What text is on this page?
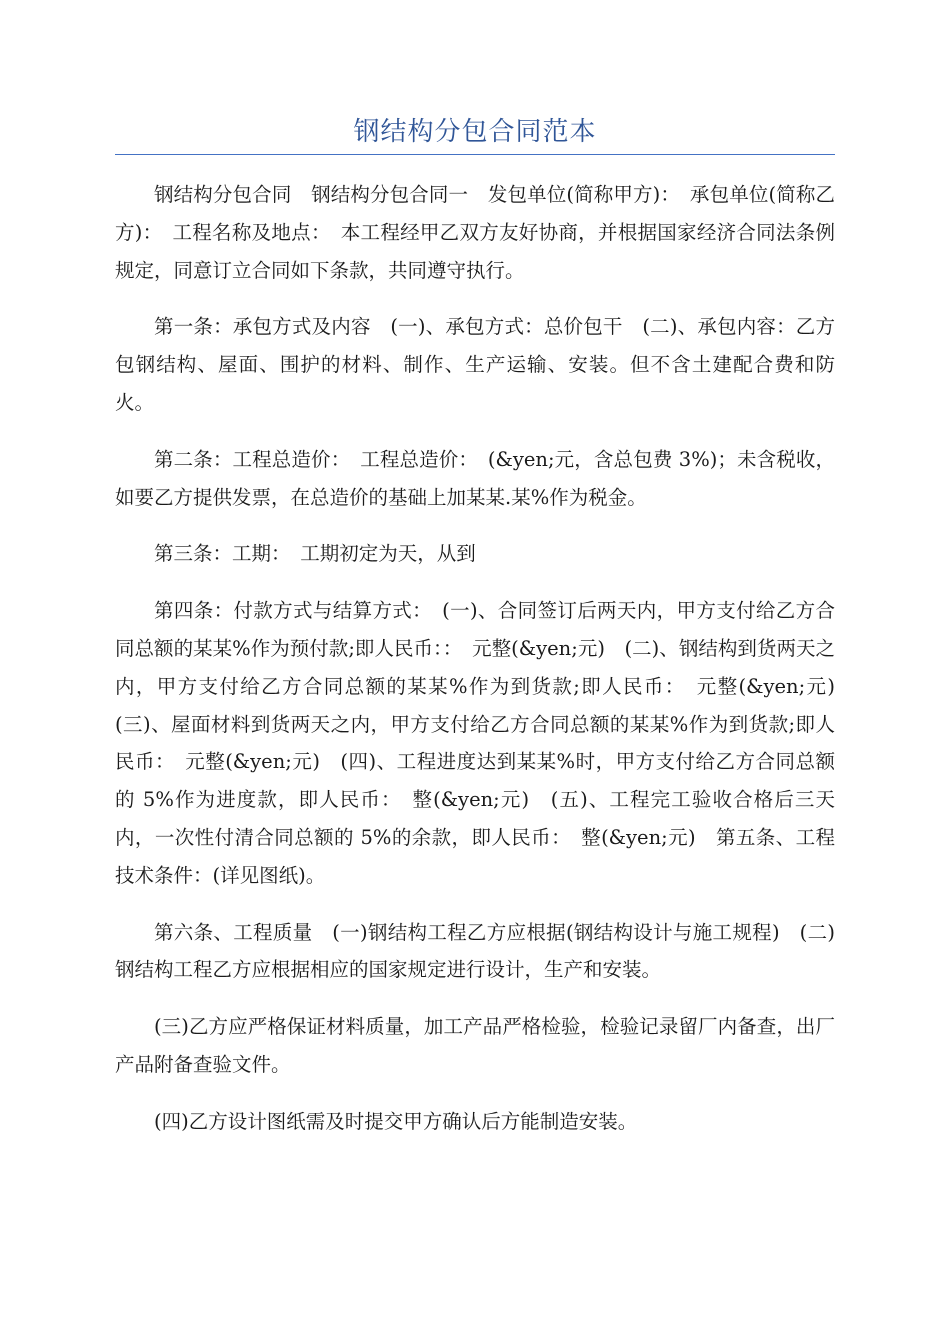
钢结构分包合同范本

钢结构分包合同　钢结构分包合同一　发包单位(简称甲方)：　承包单位(简称乙方)：　工程名称及地点：　本工程经甲乙双方友好协商，并根据国家经济合同法条例规定，同意订立合同如下条款，共同遵守执行。

第一条：承包方式及内容　(一)、承包方式：总价包干　(二)、承包内容：乙方包钢结构、屋面、围护的材料、制作、生产运输、安装。但不含土建配合费和防火。

第二条：工程总造价：　工程总造价：　(&yen;元，含总包费 3%)；未含税收，如要乙方提供发票，在总造价的基础上加某某.某%作为税金。

第三条：工期：　工期初定为天，从到

第四条：付款方式与结算方式：　(一)、合同签订后两天内，甲方支付给乙方合同总额的某某%作为预付款;即人民币：：　元整(&yen;元)　(二)、钢结构到货两天之内，甲方支付给乙方合同总额的某某%作为到货款;即人民币：　元整(&yen;元)　(三)、屋面材料到货两天之内，甲方支付给乙方合同总额的某某%作为到货款;即人民币：　元整(&yen;元)　(四)、工程进度达到某某%时，甲方支付给乙方合同总额的 5%作为进度款，即人民币：　整(&yen;元)　(五)、工程完工验收合格后三天内，一次性付清合同总额的 5%的余款，即人民币：　整(&yen;元)　第五条、工程技术条件：(详见图纸)。

第六条、工程质量　(一)钢结构工程乙方应根据(钢结构设计与施工规程)　(二)钢结构工程乙方应根据相应的国家规定进行设计，生产和安装。

(三)乙方应严格保证材料质量，加工产品严格检验，检验记录留厂内备查，出厂产品附备查验文件。

(四)乙方设计图纸需及时提交甲方确认后方能制造安装。
